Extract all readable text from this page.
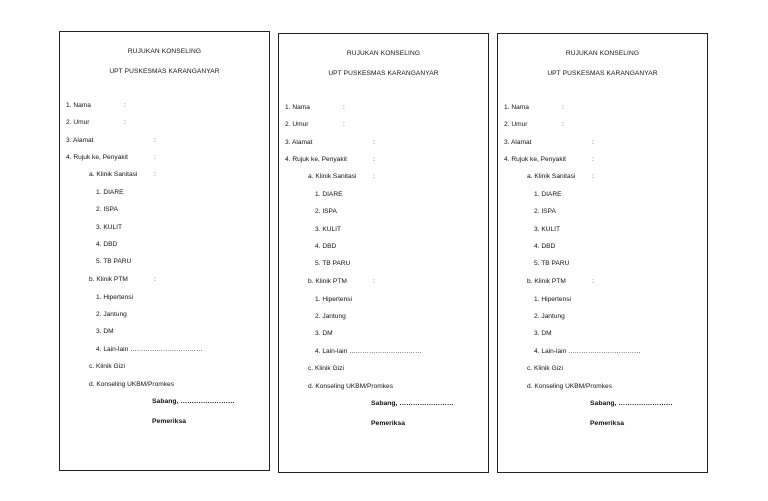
RUJUKAN KONSELING
UPT PUSKESMAS KARANGANYAR
1. Nama	:
2. Umur	:
3. Alamat	:
4. Rujuk ke, Penyakit	:
a. Klinik Sanitasi	:
1. DIARE
2. ISPA
3. KULIT
4. DBD
5. TB PARU
b. Klinik PTM	:
1. Hipertensi
2. Jantung
3. DM
4. Lain-lain ……………………………
c. Klinik Gizi
d. Konseling UKBM/Promkes
Sabang, ……………………
Pemeriksa
RUJUKAN KONSELING
UPT PUSKESMAS KARANGANYAR
1. Nama	:
2. Umur	:
3. Alamat	:
4. Rujuk ke, Penyakit	:
a. Klinik Sanitasi	:
1. DIARE
2. ISPA
3. KULIT
4. DBD
5. TB PARU
b. Klinik PTM	:
1. Hipertensi
2. Jantung
3. DM
4. Lain-lain ……………………………
c. Klinik Gizi
d. Konseling UKBM/Promkes
Sabang, ……………………
Pemeriksa
RUJUKAN KONSELING
UPT PUSKESMAS KARANGANYAR
1. Nama	:
2. Umur	:
3. Alamat	:
4. Rujuk ke, Penyakit	:
a. Klinik Sanitasi	:
1. DIARE
2. ISPA
3. KULIT
4. DBD
5. TB PARU
b. Klinik PTM	:
1. Hipertensi
2. Jantung
3. DM
4. Lain-lain ……………………………
c. Klinik Gizi
d. Konseling UKBM/Promkes
Sabang, ……………………
Pemeriksa
